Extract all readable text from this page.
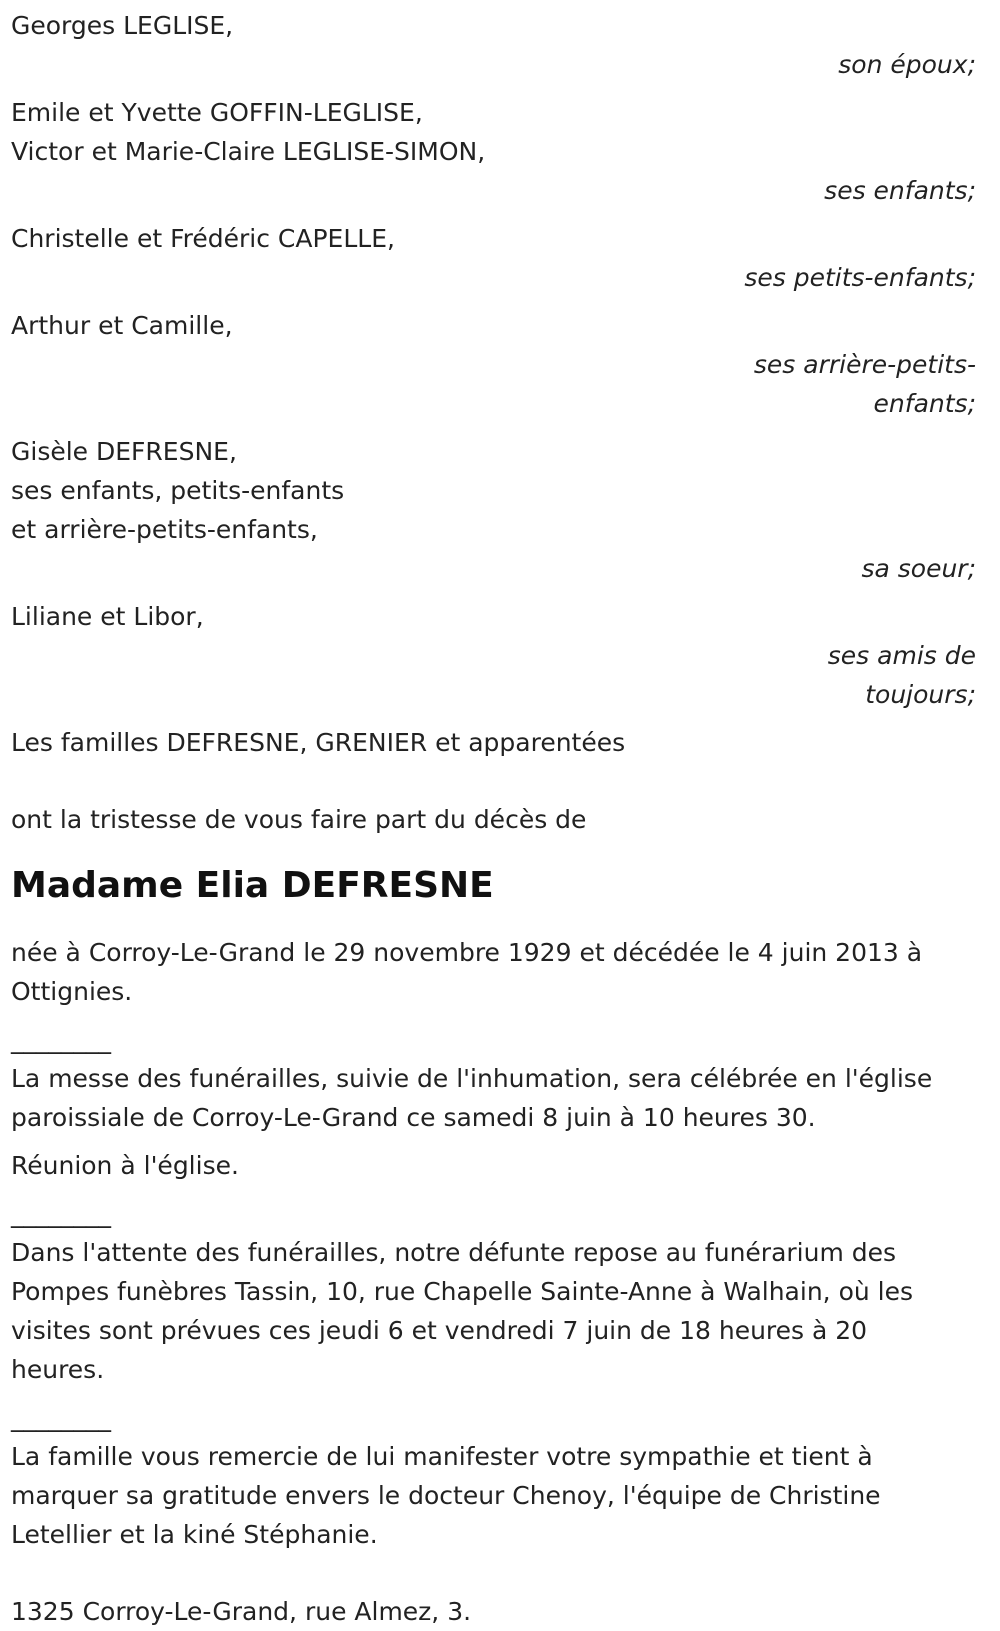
Georges LEGLISE,
son époux;
Emile et Yvette GOFFIN-LEGLISE,
Victor et Marie-Claire LEGLISE-SIMON,
ses enfants;
Christelle et Frédéric CAPELLE,
ses petits-enfants;
Arthur et Camille,
ses arrière-petits-
enfants;
Gisèle DEFRESNE,
ses enfants, petits-enfants
et arrière-petits-enfants,
sa soeur;
Liliane et Libor,
ses amis de
toujours;
Les familles DEFRESNE, GRENIER et apparentées
ont la tristesse de vous faire part du décès de
Madame Elia DEFRESNE
née à Corroy-Le-Grand le 29 novembre 1929 et décédée le 4 juin 2013 à
Ottignies.
________
La messe des funérailles, suivie de l'inhumation, sera célébrée en l'église
paroissiale de Corroy-Le-Grand ce samedi 8 juin à 10 heures 30.
Réunion à l'église.
________
Dans l'attente des funérailles, notre défunte repose au funérarium des
Pompes funèbres Tassin, 10, rue Chapelle Sainte-Anne à Walhain, où les
visites sont prévues ces jeudi 6 et vendredi 7 juin de 18 heures à 20
heures.
________
La famille vous remercie de lui manifester votre sympathie et tient à
marquer sa gratitude envers le docteur Chenoy, l'équipe de Christine
Letellier et la kiné Stéphanie.
1325 Corroy-Le-Grand, rue Almez, 3.
